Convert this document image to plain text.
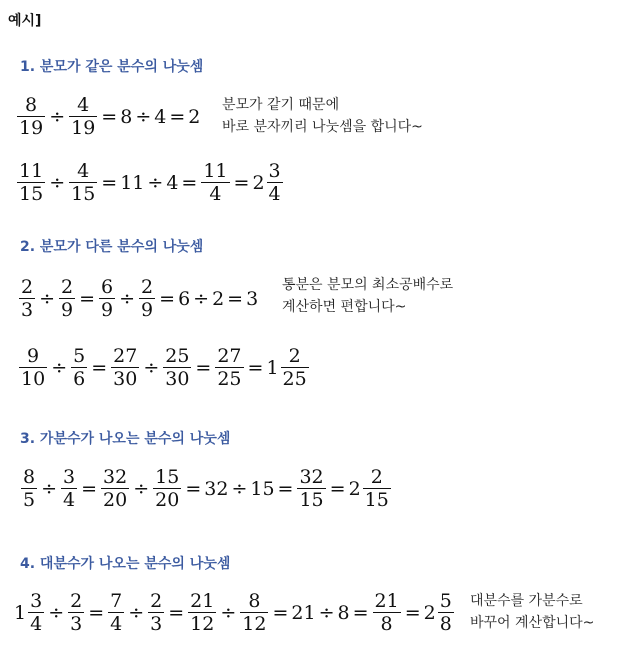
예시]
1. 분모가 같은 분수의 나눗셈
8
19
÷
4
19
= 8 ÷ 4 = 2
분모가 같기 때문에
바로 분자끼리 나눗셈을 합니다~
11
15
÷
4
15
= 11 ÷ 4 =
11
4
= 2
3
4
2. 분모가 다른 분수의 나눗셈
2
3
÷
2
9
=
6
9
÷
2
9
= 6 ÷ 2 = 3
통분은 분모의 최소공배수로
계산하면 편합니다~
9
10
÷
5
6
=
27
30
÷
25
30
=
27
25
= 1
2
25
3. 가분수가 나오는 분수의 나눗셈
8
5
÷
3
4
=
32
20
÷
15
20
= 32 ÷ 15 =
32
15
= 2
2
15
4. 대분수가 나오는 분수의 나눗셈
1
3
4
÷
2
3
=
7
4
÷
2
3
=
21
12
÷
8
12
= 21 ÷ 8 =
21
8
= 2
5
8
대분수를 가분수로
바꾸어 계산합니다~
